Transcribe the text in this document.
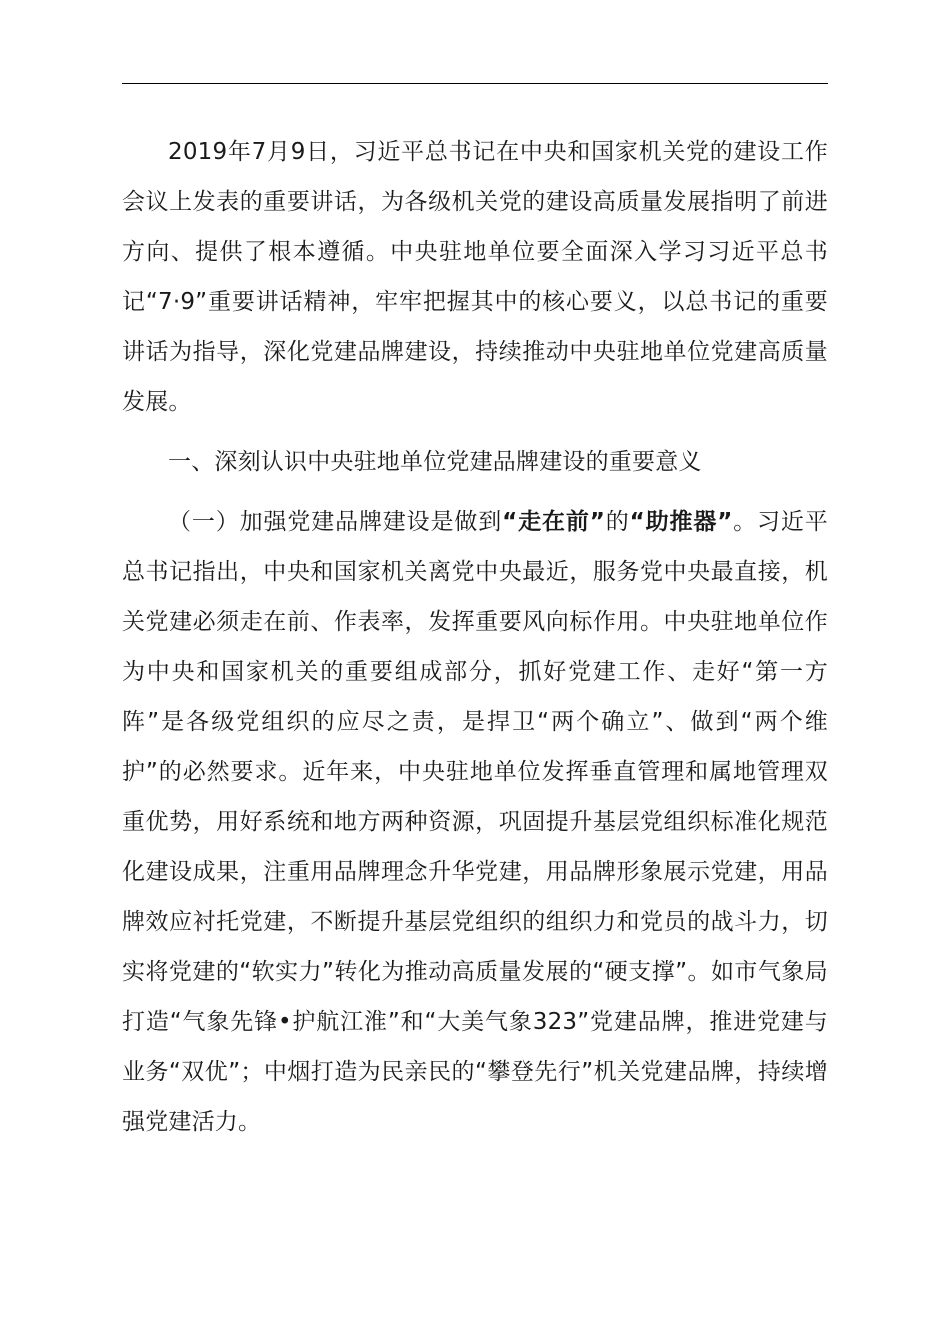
2019年7月9日，习近平总书记在中央和国家机关党的建设工作会议上发表的重要讲话，为各级机关党的建设高质量发展指明了前进方向、提供了根本遵循。中央驻地单位要全面深入学习习近平总书记“7·9”重要讲话精神，牢牢把握其中的核心要义，以总书记的重要讲话为指导，深化党建品牌建设，持续推动中央驻地单位党建高质量发展。

一、深刻认识中央驻地单位党建品牌建设的重要意义

（一）加强党建品牌建设是做到“走在前”的“助推器”。习近平总书记指出，中央和国家机关离党中央最近，服务党中央最直接，机关党建必须走在前、作表率，发挥重要风向标作用。中央驻地单位作为中央和国家机关的重要组成部分，抓好党建工作、走好“第一方阵”是各级党组织的应尽之责，是捍卫“两个确立”、做到“两个维护”的必然要求。近年来，中央驻地单位发挥垂直管理和属地管理双重优势，用好系统和地方两种资源，巩固提升基层党组织标准化规范化建设成果，注重用品牌理念升华党建，用品牌形象展示党建，用品牌效应衬托党建，不断提升基层党组织的组织力和党员的战斗力，切实将党建的“软实力”转化为推动高质量发展的“硬支撑”。如市气象局打造“气象先锋•护航江淮”和“大美气象323”党建品牌，推进党建与业务“双优”；中烟打造为民亲民的“攀登先行”机关党建品牌，持续增强党建活力。
